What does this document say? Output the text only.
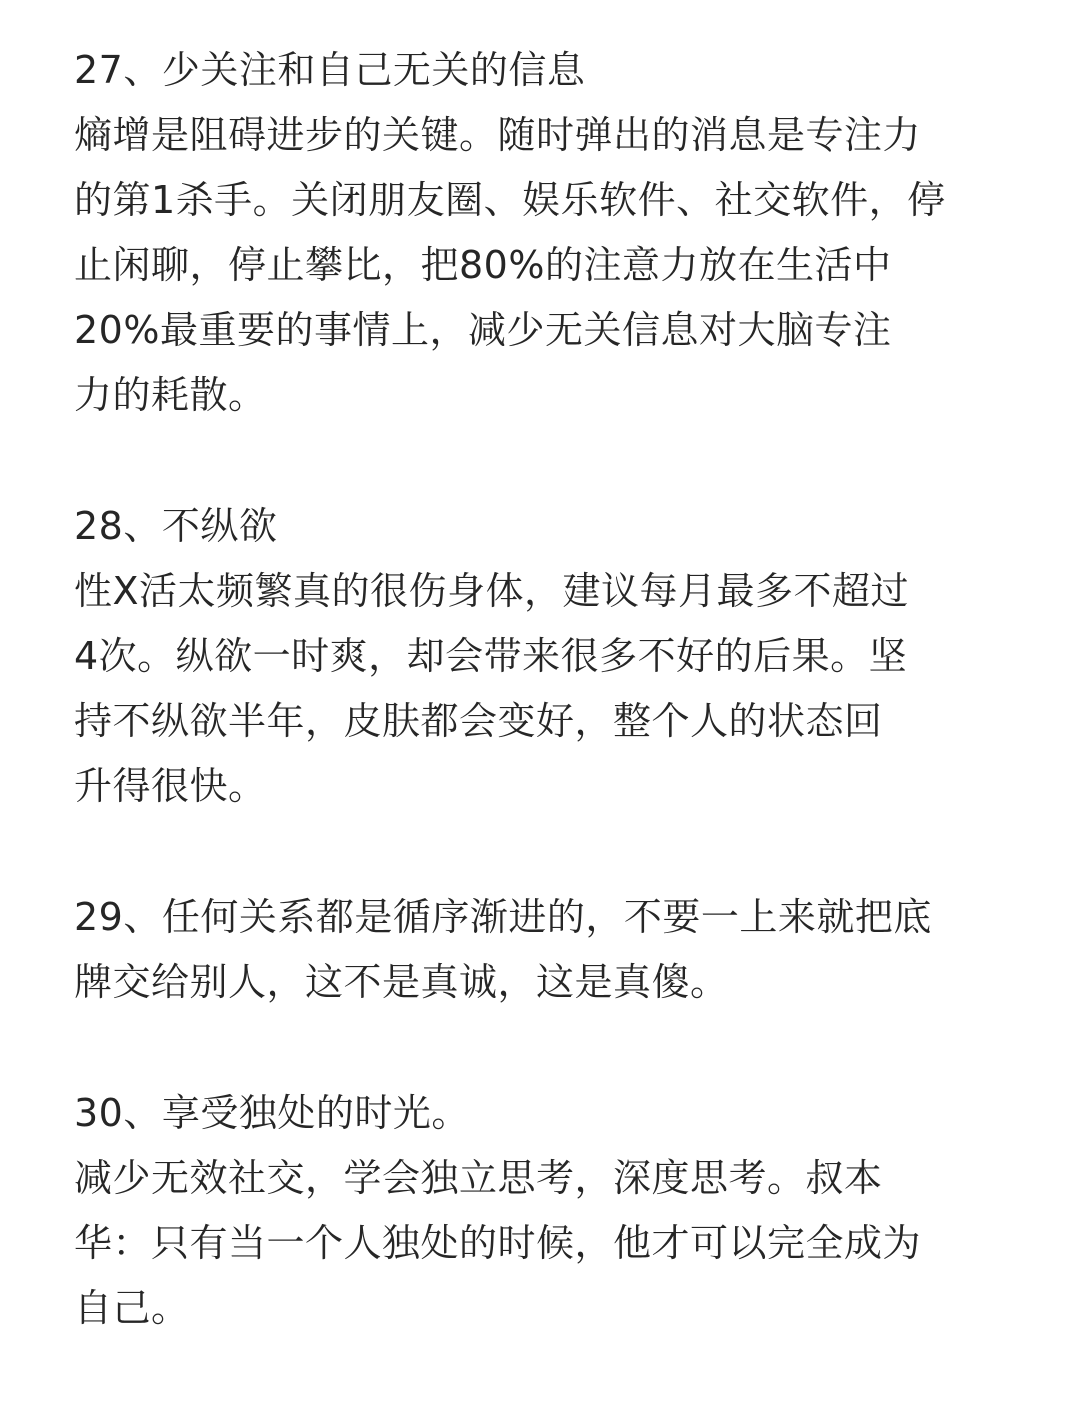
27、少关注和自己无关的信息
熵增是阻碍进步的关键。随时弹出的消息是专注力
的第1杀手。关闭朋友圈、娱乐软件、社交软件，停
止闲聊，停止攀比，把80%的注意力放在生活中
20%最重要的事情上，减少无关信息对大脑专注
力的耗散。
28、不纵欲
性X活太频繁真的很伤身体，建议每月最多不超过
4次。纵欲一时爽，却会带来很多不好的后果。坚
持不纵欲半年，皮肤都会变好，整个人的状态回
升得很快。
29、任何关系都是循序渐进的，不要一上来就把底
牌交给别人，这不是真诚，这是真傻。
30、享受独处的时光。
减少无效社交，学会独立思考，深度思考。叔本
华：只有当一个人独处的时候，他才可以完全成为
自己。
